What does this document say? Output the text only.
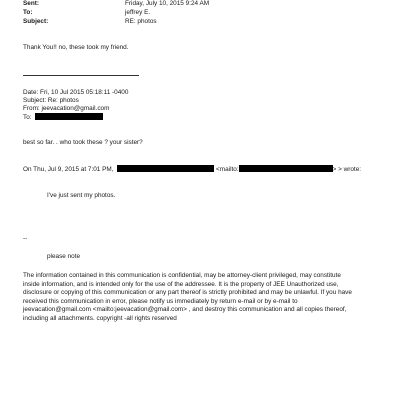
Sent:	Friday, July 10, 2015 9:24 AM
To:	jeffrey E.
Subject:	RE: photos
Thank You!! no, these took my friend.
Date: Fri, 10 Jul 2015 05:18:11 -0400
Subject: Re: photos
From: jeevacation@gmail.com
To:
best so far. . who took these ? your sister?
On Thu, Jul 9, 2015 at 7:01 PM,	<mailto:	> > wrote:
I've just sent my photos.
--
please note
The information contained in this communication is confidential, may be attorney-client privileged, may constitute
inside information, and is intended only for the use of the addressee. It is the property of JEE Unauthorized use,
disclosure or copying of this communication or any part thereof is strictly prohibited and may be unlawful. If you have
received this communication in error, please notify us immediately by return e-mail or by e-mail to
jeevacation@gmail.com <mailto:jeevacation@gmail.com> , and destroy this communication and all copies thereof,
including all attachments. copyright -all rights reserved
